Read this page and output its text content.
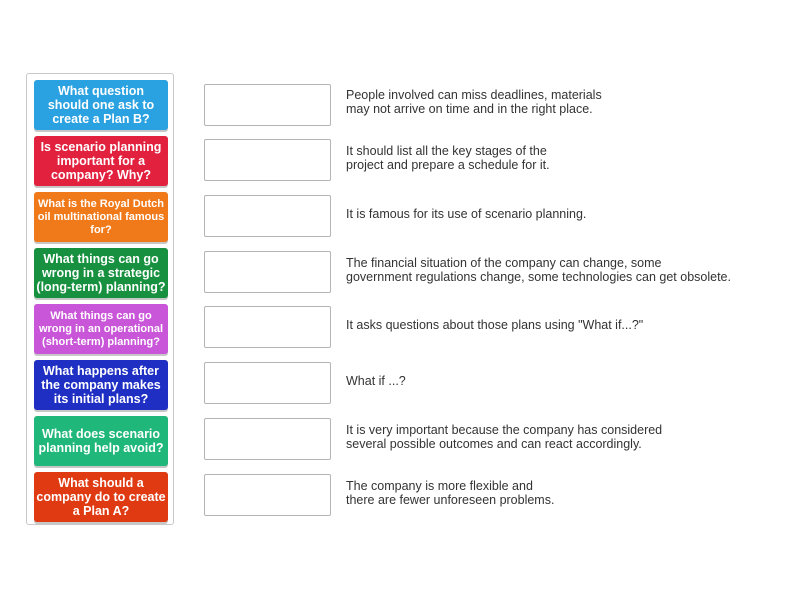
What question should one ask to create a Plan B?
Is scenario planning important for a company? Why?
What is the Royal Dutch oil multinational famous for?
What things can go wrong in a strategic (long-term) planning?
What things can go wrong in an operational (short-term) planning?
What happens after the company makes its initial plans?
What does scenario planning help avoid?
What should a company do to create a Plan A?
People involved can miss deadlines, materials
may not arrive on time and in the right place.
It should list all the key stages of the
project and prepare a schedule for it.
It is famous for its use of scenario planning.
The financial situation of the company can change, some
government regulations change, some technologies can get obsolete.
It asks questions about those plans using "What if...?"
What if ...?
It is very important because the company has considered
several possible outcomes and can react accordingly.
The company is more flexible and
there are fewer unforeseen problems.
